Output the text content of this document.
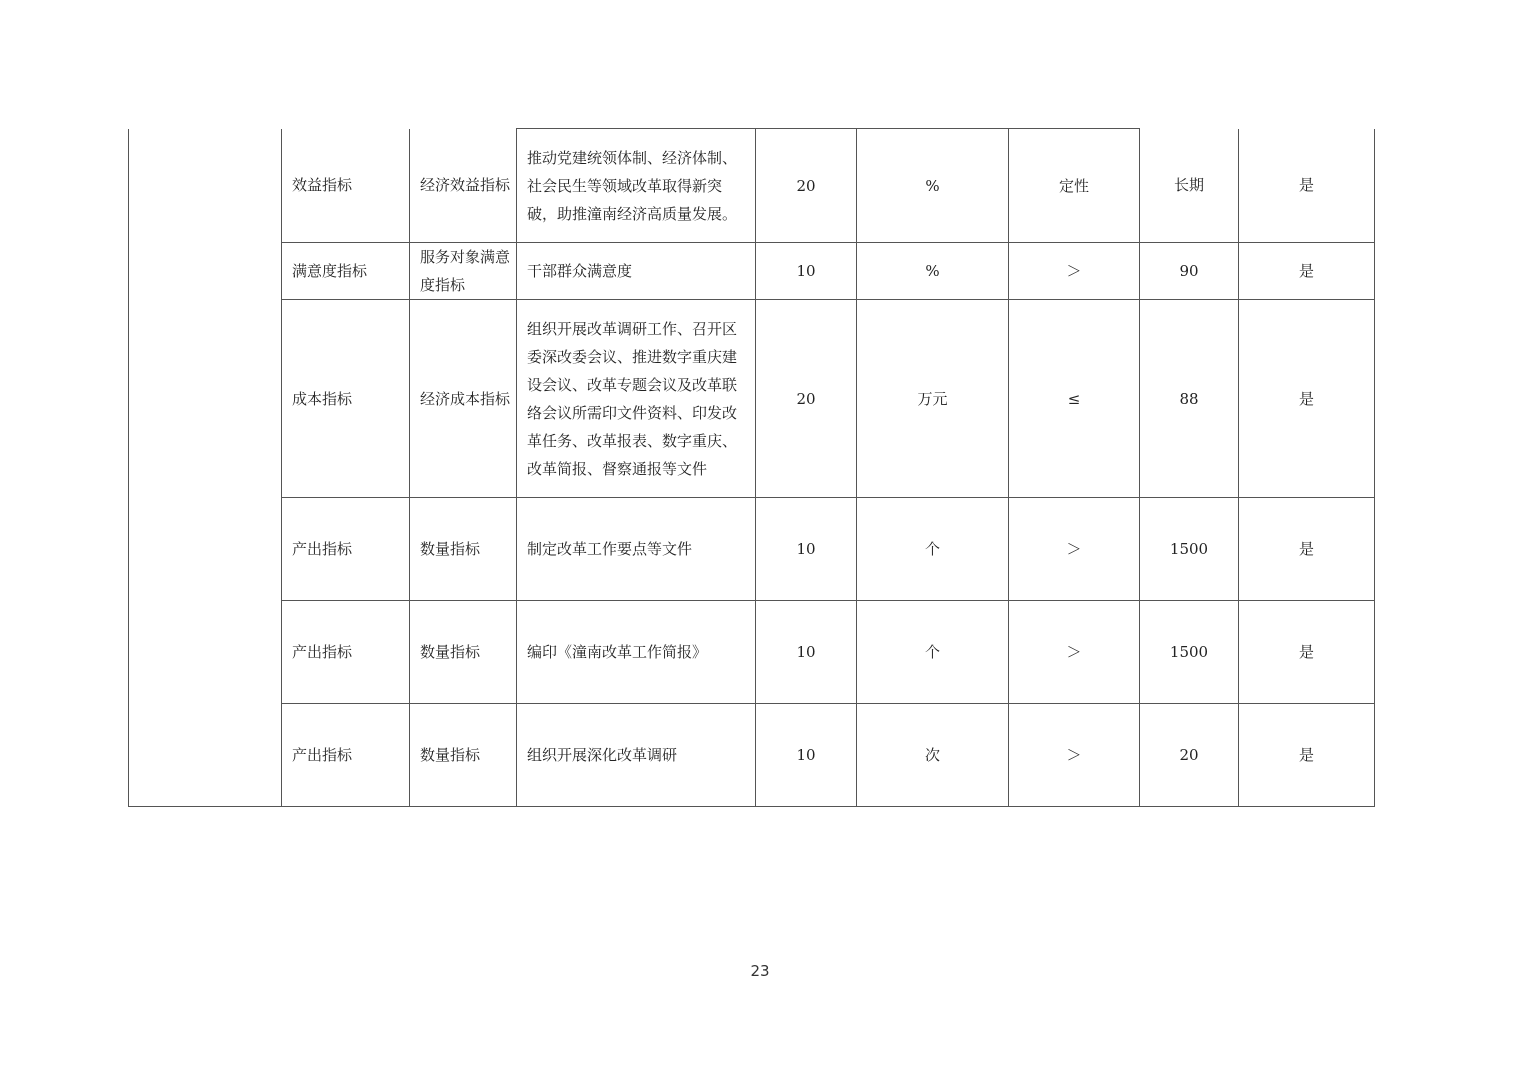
	效益指标	经济效益指标	推动党建统领体制、经济体制、社会民生等领域改革取得新突破，助推潼南经济高质量发展。	20	%	定性	长期	是
	满意度指标	服务对象满意度指标	干部群众满意度	10	%	＞	90	是
	成本指标	经济成本指标	组织开展改革调研工作、召开区委深改委会议、推进数字重庆建设会议、改革专题会议及改革联络会议所需印文件资料、印发改革任务、改革报表、数字重庆、改革简报、督察通报等文件	20	万元	≤	88	是
	产出指标	数量指标	制定改革工作要点等文件	10	个	＞	1500	是
	产出指标	数量指标	编印《潼南改革工作简报》	10	个	＞	1500	是
	产出指标	数量指标	组织开展深化改革调研	10	次	＞	20	是
23
